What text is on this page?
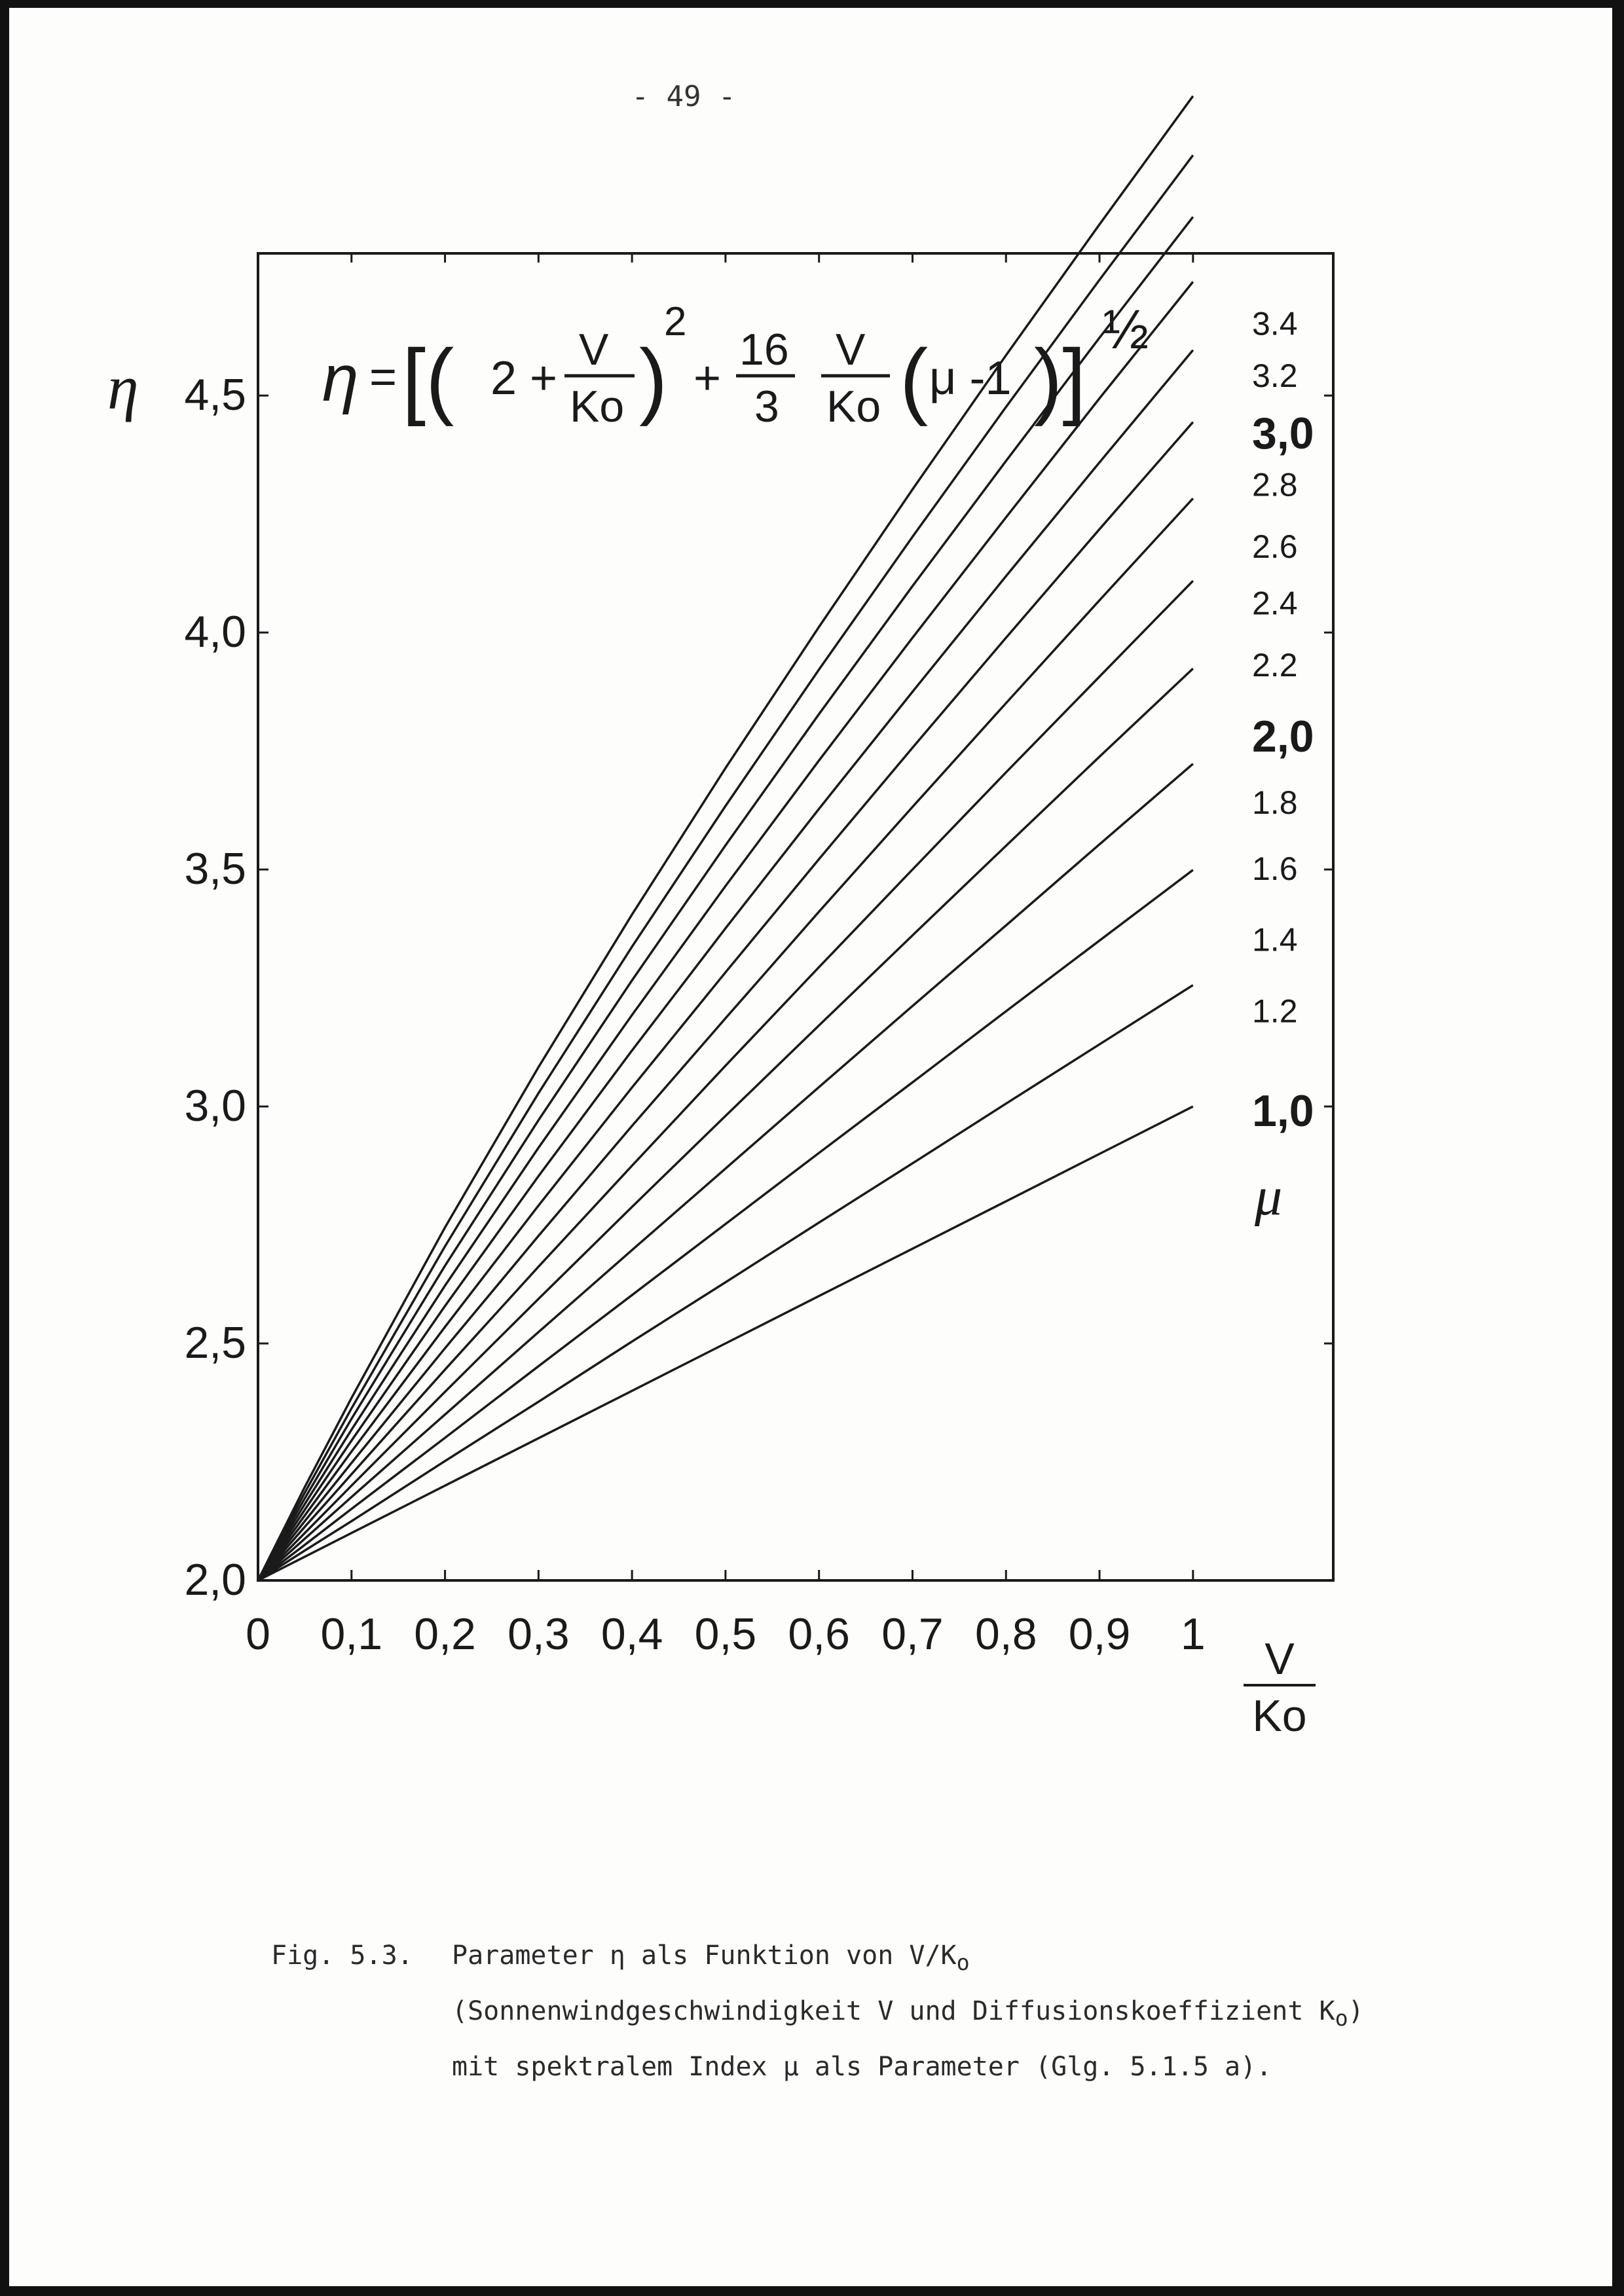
- 49 -
η = [( 2 +
V
Ko )
2
+
16
3
V
Ko ( μ -1 )]
½
0 0,1 0,2 0,3 0,4 0,5 0,6 0,7 0,8 0,9 1
2,0
2,5
3,0
3,5
4,0
4,5
η
V
Ko
1,0
1.2
1.4
1.6
1.8
2,0
2.2
2.4
2.6
2.8
3,0
3.2
3.4
μ
Fig. 5.3. Parameter η als Funktion von $V/K_o$
(Sonnenwindgeschwindigkeit V und Diffusionskoeffizient $K_o$)
mit spektralem Index μ als Parameter (Glg. 5.1.5 a).
